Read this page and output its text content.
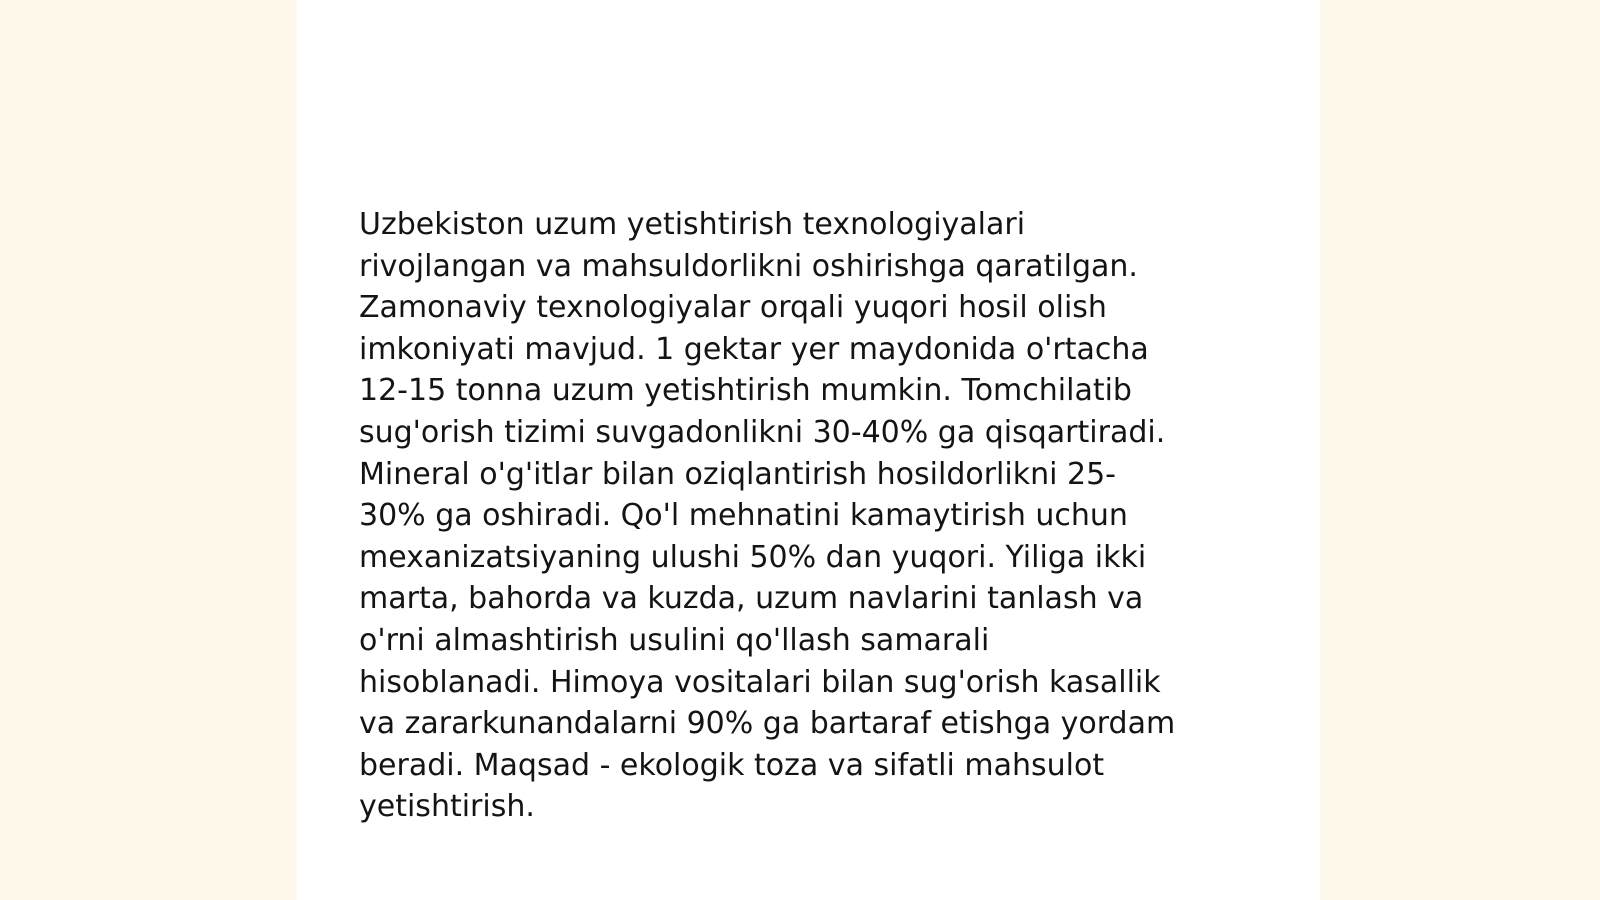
Uzbekiston uzum yetishtirish texnologiyalari
rivojlangan va mahsuldorlikni oshirishga qaratilgan.
Zamonaviy texnologiyalar orqali yuqori hosil olish
imkoniyati mavjud. 1 gektar yer maydonida o'rtacha
12-15 tonna uzum yetishtirish mumkin. Tomchilatib
sug'orish tizimi suvgadonlikni 30-40% ga qisqartiradi.
Mineral o'g'itlar bilan oziqlantirish hosildorlikni 25-
30% ga oshiradi. Qo'l mehnatini kamaytirish uchun
mexanizatsiyaning ulushi 50% dan yuqori. Yiliga ikki
marta, bahorda va kuzda, uzum navlarini tanlash va
o'rni almashtirish usulini qo'llash samarali
hisoblanadi. Himoya vositalari bilan sug'orish kasallik
va zararkunandalarni 90% ga bartaraf etishga yordam
beradi. Maqsad - ekologik toza va sifatli mahsulot
yetishtirish.
